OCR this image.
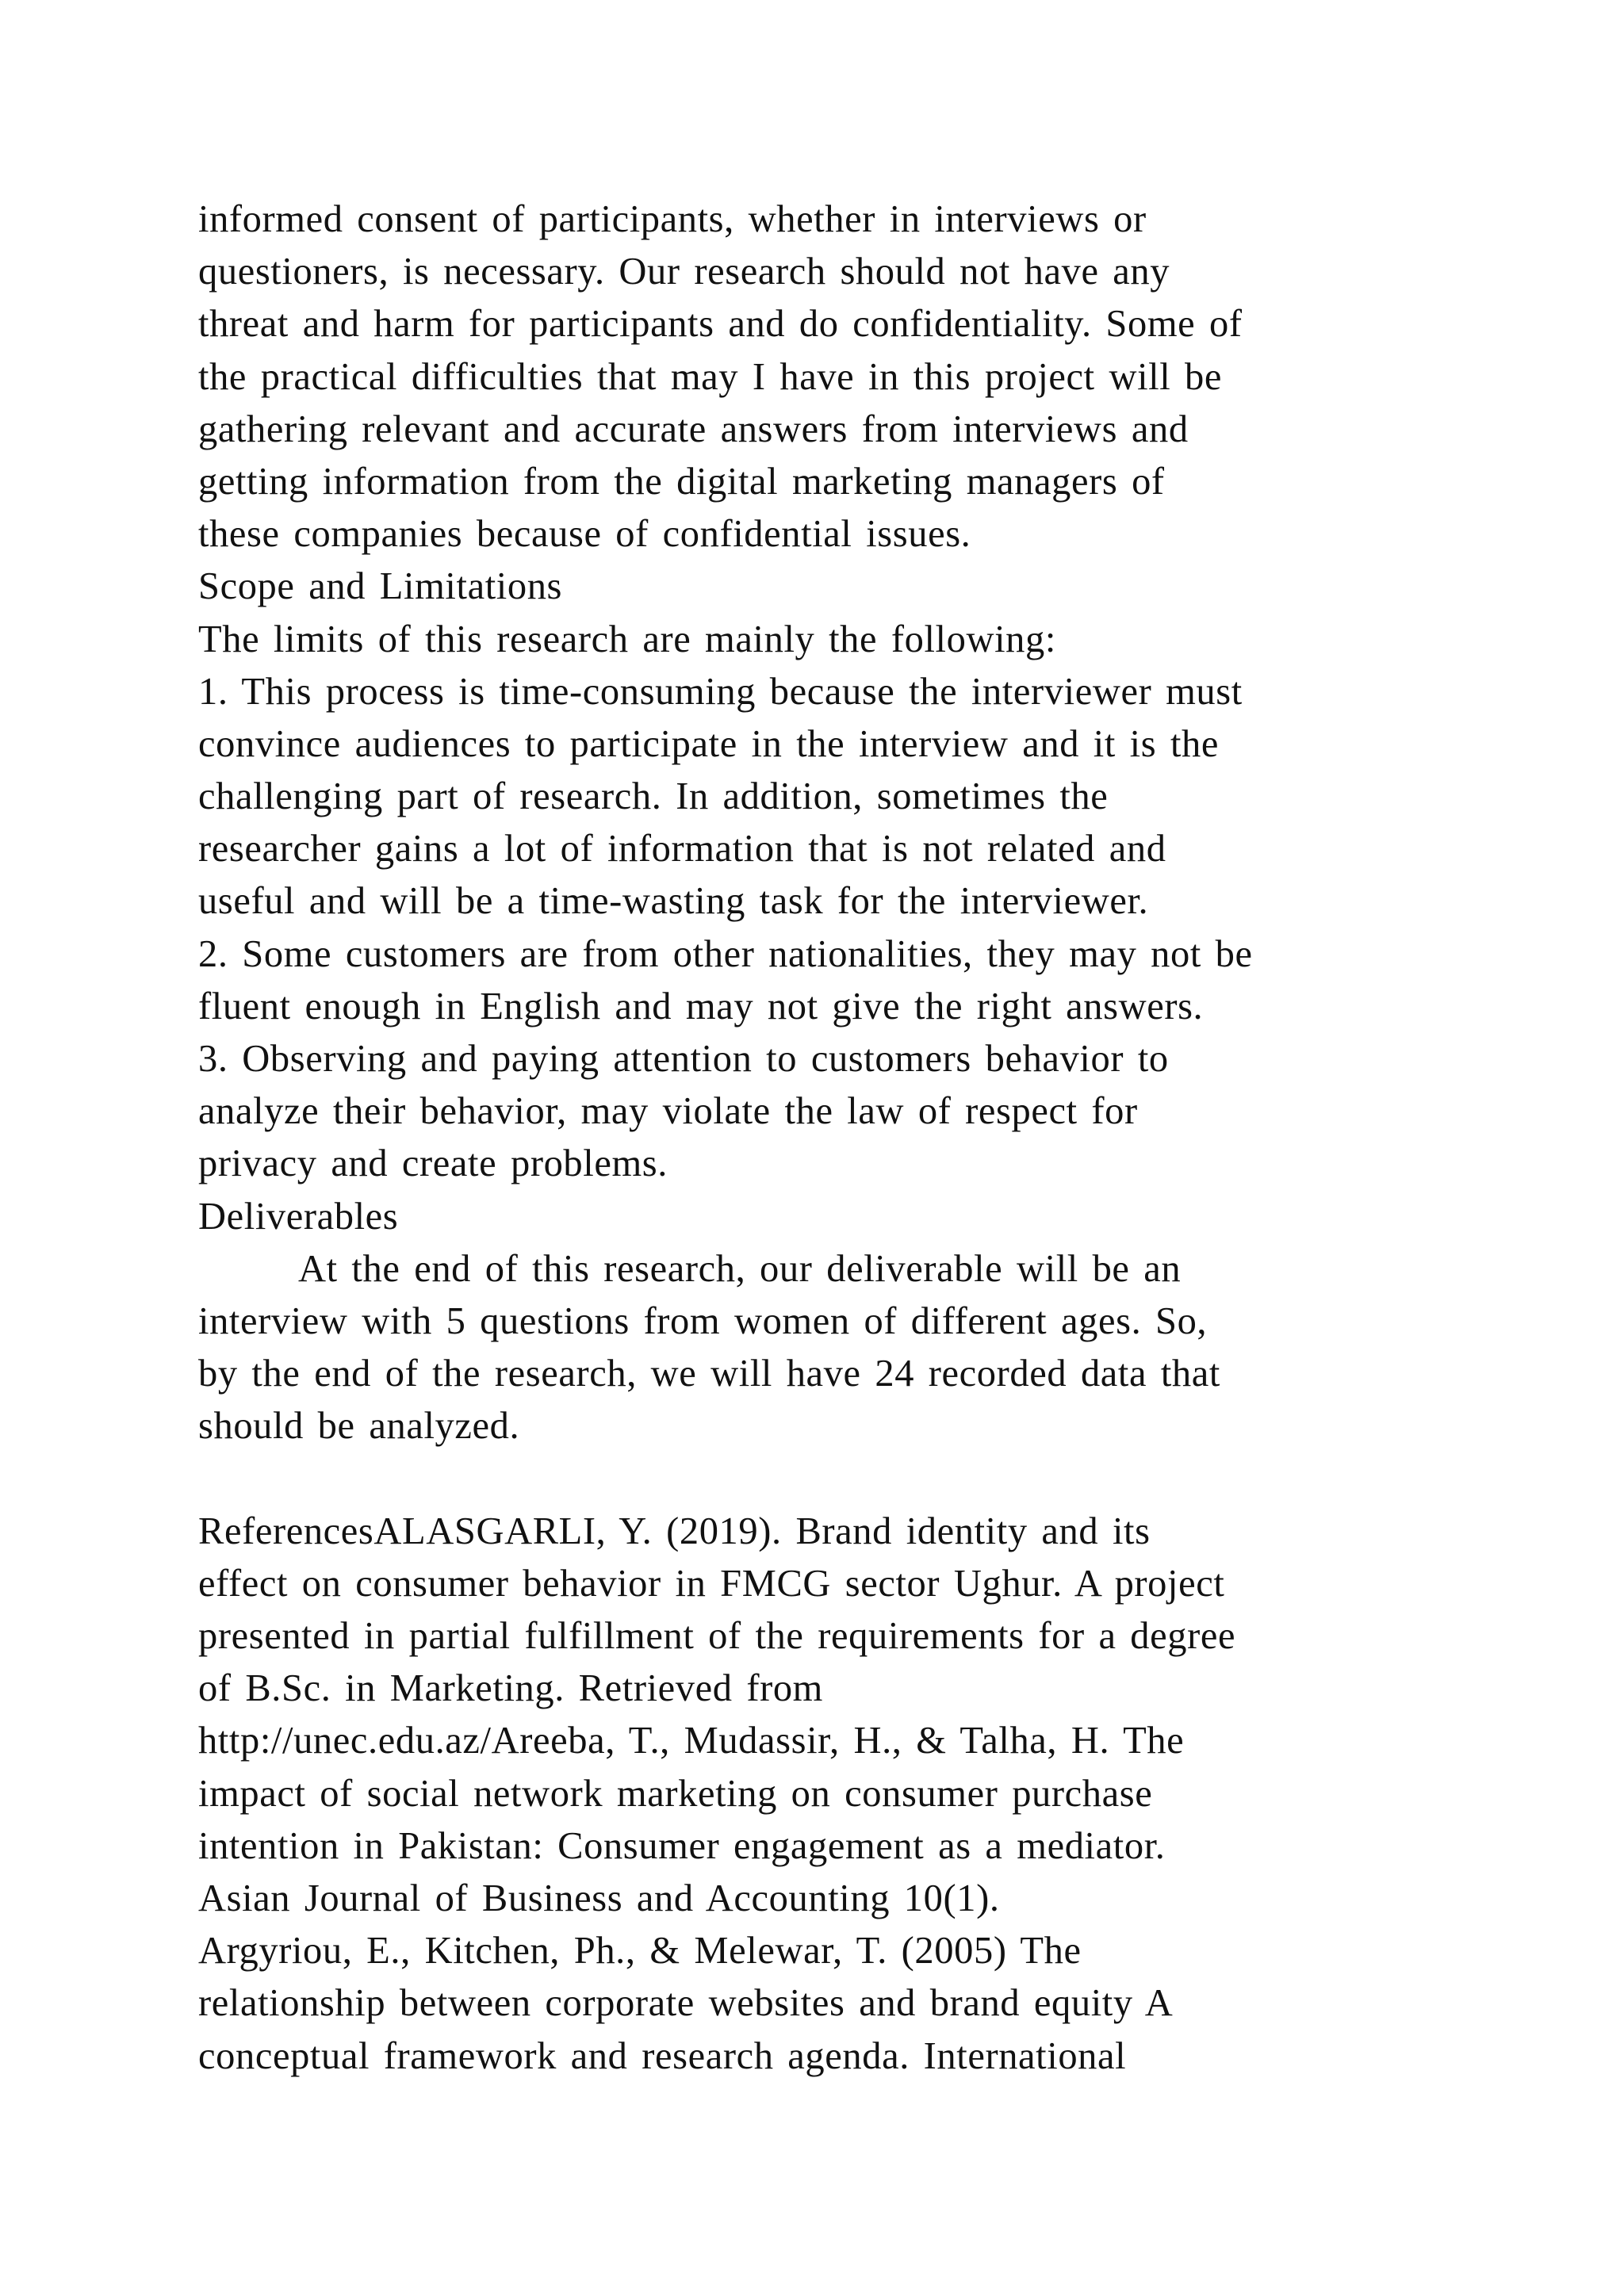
informed consent of participants, whether in interviews or
questioners, is necessary. Our research should not have any
threat and harm for participants and do confidentiality. Some of
the practical difficulties that may I have in this project will be
gathering relevant and accurate answers from interviews and
getting information from the digital marketing managers of
these companies because of confidential issues.
Scope and Limitations
The limits of this research are mainly the following:
1. This process is time-consuming because the interviewer must
convince audiences to participate in the interview and it is the
challenging part of research. In addition, sometimes the
researcher gains a lot of information that is not related and
useful and will be a time-wasting task for the interviewer.
2. Some customers are from other nationalities, they may not be
fluent enough in English and may not give the right answers.
3. Observing and paying attention to customers behavior to
analyze their behavior, may violate the law of respect for
privacy and create problems.
Deliverables
At the end of this research, our deliverable will be an
interview with 5 questions from women of different ages. So,
by the end of the research, we will have 24 recorded data that
should be analyzed.
ReferencesALASGARLI, Y. (2019). Brand identity and its
effect on consumer behavior in FMCG sector Ughur. A project
presented in partial fulfillment of the requirements for a degree
of B.Sc. in Marketing. Retrieved from
http://unec.edu.az/Areeba, T., Mudassir, H., & Talha, H. The
impact of social network marketing on consumer purchase
intention in Pakistan: Consumer engagement as a mediator.
Asian Journal of Business and Accounting 10(1).
Argyriou, E., Kitchen, Ph., & Melewar, T. (2005) The
relationship between corporate websites and brand equity A
conceptual framework and research agenda. International
